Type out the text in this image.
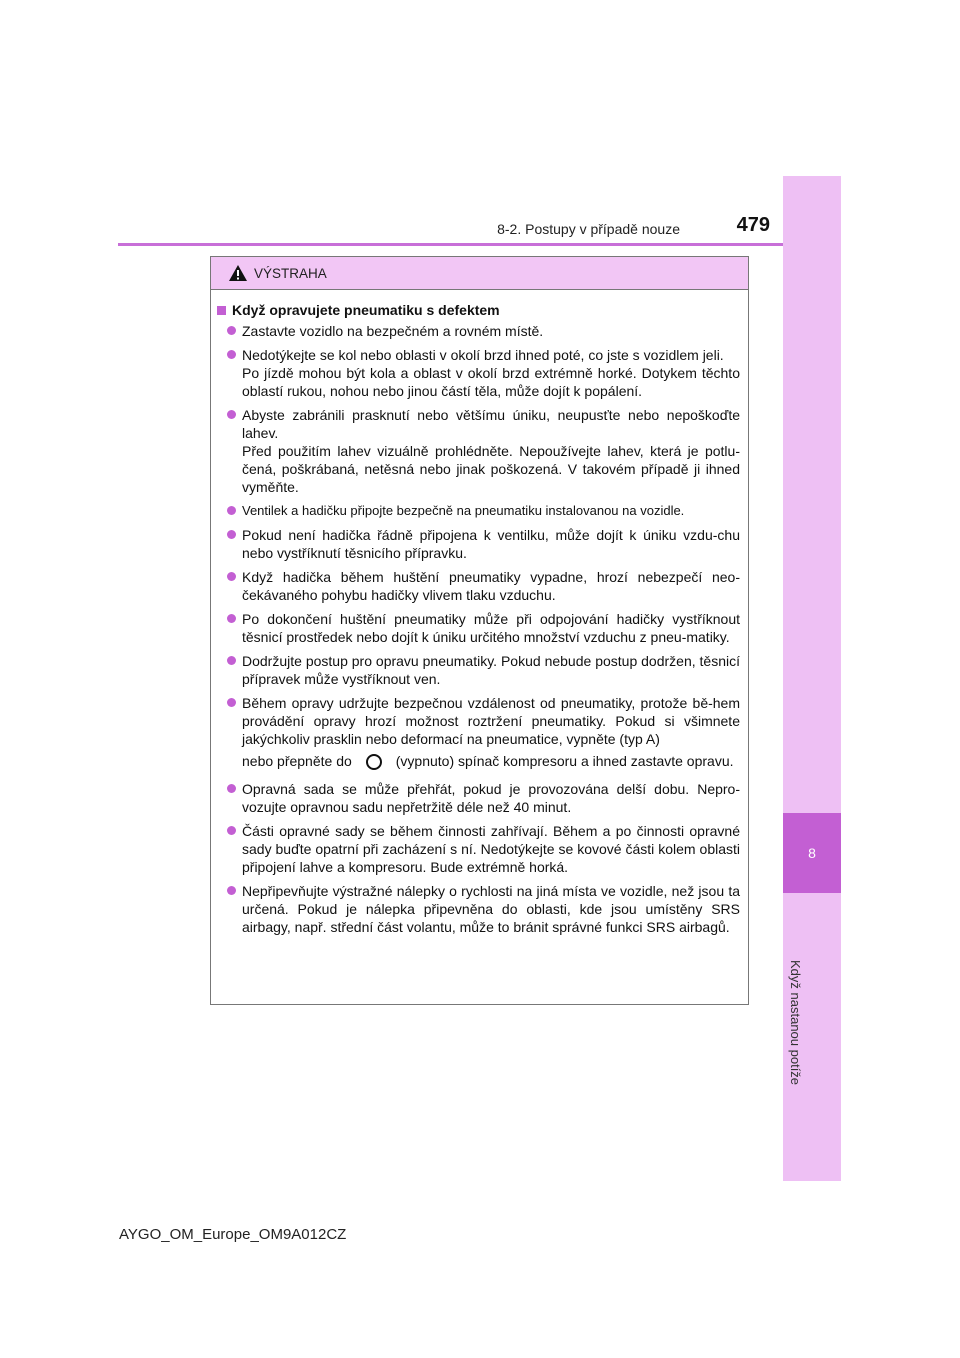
8-2. Postupy v případě nouze	479
8
Když nastanou potíže
VÝSTRAHA
Když opravujete pneumatiku s defektem

Zastavte vozidlo na bezpečném a rovném místě.

Nedotýkejte se kol nebo oblasti v okolí brzd ihned poté, co jste s vozidlem jeli.

Po jízdě mohou být kola a oblast v okolí brzd extrémně horké. Dotykem těchto oblastí rukou, nohou nebo jinou částí těla, může dojít k popálení.

Abyste zabránili prasknutí nebo většímu úniku, neupusťte nebo nepoškoďte lahev.

Před použitím lahev vizuálně prohlédněte. Nepoužívejte lahev, která je potlu-čená, poškrábaná, netěsná nebo jinak poškozená. V takovém případě ji ihned vyměňte.

Ventilek a hadičku připojte bezpečně na pneumatiku instalovanou na vozidle.

Pokud není hadička řádně připojena k ventilku, může dojít k úniku vzdu-chu nebo vystříknutí těsnicího přípravku.

Když hadička během huštění pneumatiky vypadne, hrozí nebezpečí neo-čekávaného pohybu hadičky vlivem tlaku vzduchu.

Po dokončení huštění pneumatiky může při odpojování hadičky vystříknout těsnicí prostředek nebo dojít k úniku určitého množství vzduchu z pneu-matiky.

Dodržujte postup pro opravu pneumatiky. Pokud nebude postup dodržen, těsnicí přípravek může vystříknout ven.

Během opravy udržujte bezpečnou vzdálenost od pneumatiky, protože bě-hem provádění opravy hrozí možnost roztržení pneumatiky. Pokud si všimnete jakýchkoliv prasklin nebo deformací na pneumatice, vypněte (typ A)

nebo přepněte do	(vypnuto) spínač kompresoru a ihned zastavte opravu.

Opravná sada se může přehřát, pokud je provozována delší dobu. Nepro-vozujte opravnou sadu nepřetržitě déle než 40 minut.

Části opravné sady se během činnosti zahřívají. Během a po činnosti opravné sady buďte opatrní při zacházení s ní. Nedotýkejte se kovové části kolem oblasti připojení lahve a kompresoru. Bude extrémně horká.

Nepřipevňujte výstražné nálepky o rychlosti na jiná místa ve vozidle, než jsou ta určená. Pokud je nálepka připevněna do oblasti, kde jsou umístěny SRS airbagy, např. střední část volantu, může to bránit správné funkci SRS airbagů.

AYGO_OM_Europe_OM9A012CZ
